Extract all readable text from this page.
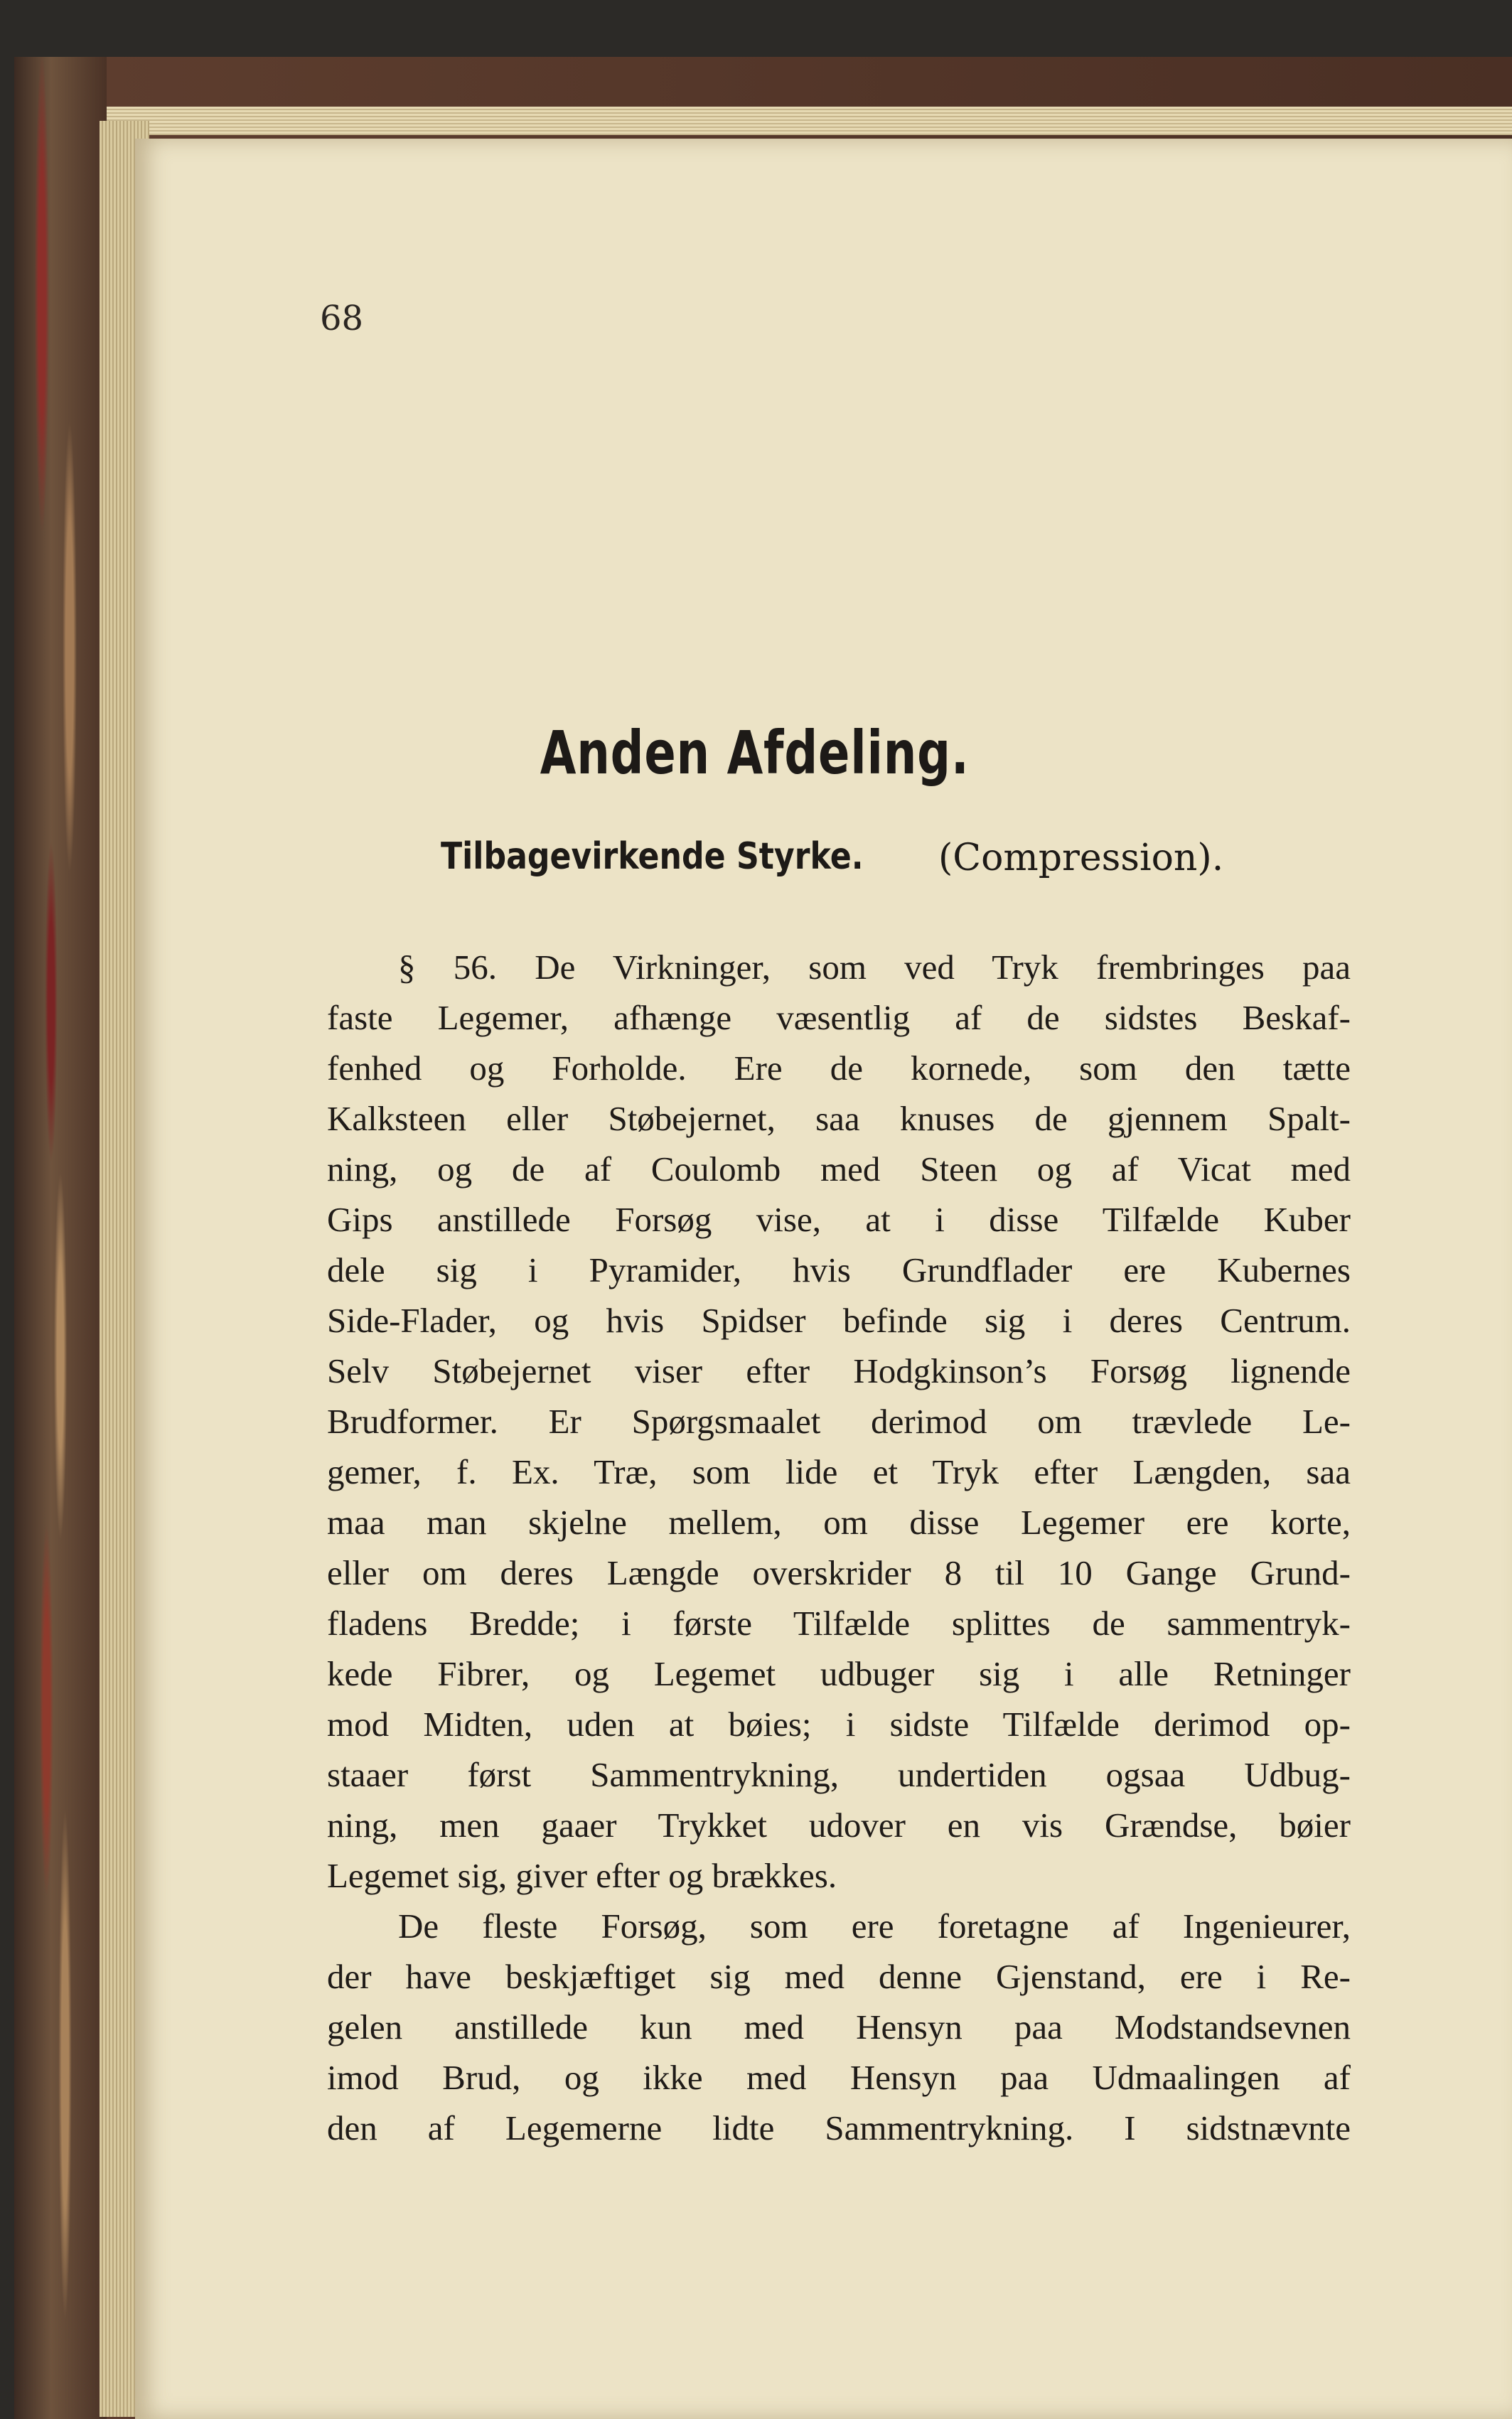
68
Anden Afdeling.
Tilbagevirkende Styrke. (Compression).
§ 56. De Virkninger, som ved Tryk frembringes paa
faste Legemer, afhænge væsentlig af de sidstes Beskaf-
fenhed og Forholde. Ere de kornede, som den tætte
Kalksteen eller Støbejernet, saa knuses de gjennem Spalt-
ning, og de af Coulomb med Steen og af Vicat med
Gips anstillede Forsøg vise, at i disse Tilfælde Kuber
dele sig i Pyramider, hvis Grundflader ere Kubernes
Side-Flader, og hvis Spidser befinde sig i deres Centrum.
Selv Støbejernet viser efter Hodgkinson’s Forsøg lignende
Brudformer. Er Spørgsmaalet derimod om trævlede Le-
gemer, f. Ex. Træ, som lide et Tryk efter Længden, saa
maa man skjelne mellem, om disse Legemer ere korte,
eller om deres Længde overskrider 8 til 10 Gange Grund-
fladens Bredde; i første Tilfælde splittes de sammentryk-
kede Fibrer, og Legemet udbuger sig i alle Retninger
mod Midten, uden at bøies; i sidste Tilfælde derimod op-
staaer først Sammentrykning, undertiden ogsaa Udbug-
ning, men gaaer Trykket udover en vis Grændse, bøier
Legemet sig, giver efter og brækkes.
De fleste Forsøg, som ere foretagne af Ingenieurer,
der have beskjæftiget sig med denne Gjenstand, ere i Re-
gelen anstillede kun med Hensyn paa Modstandsevnen
imod Brud, og ikke med Hensyn paa Udmaalingen af
den af Legemerne lidte Sammentrykning. I sidstnævnte
